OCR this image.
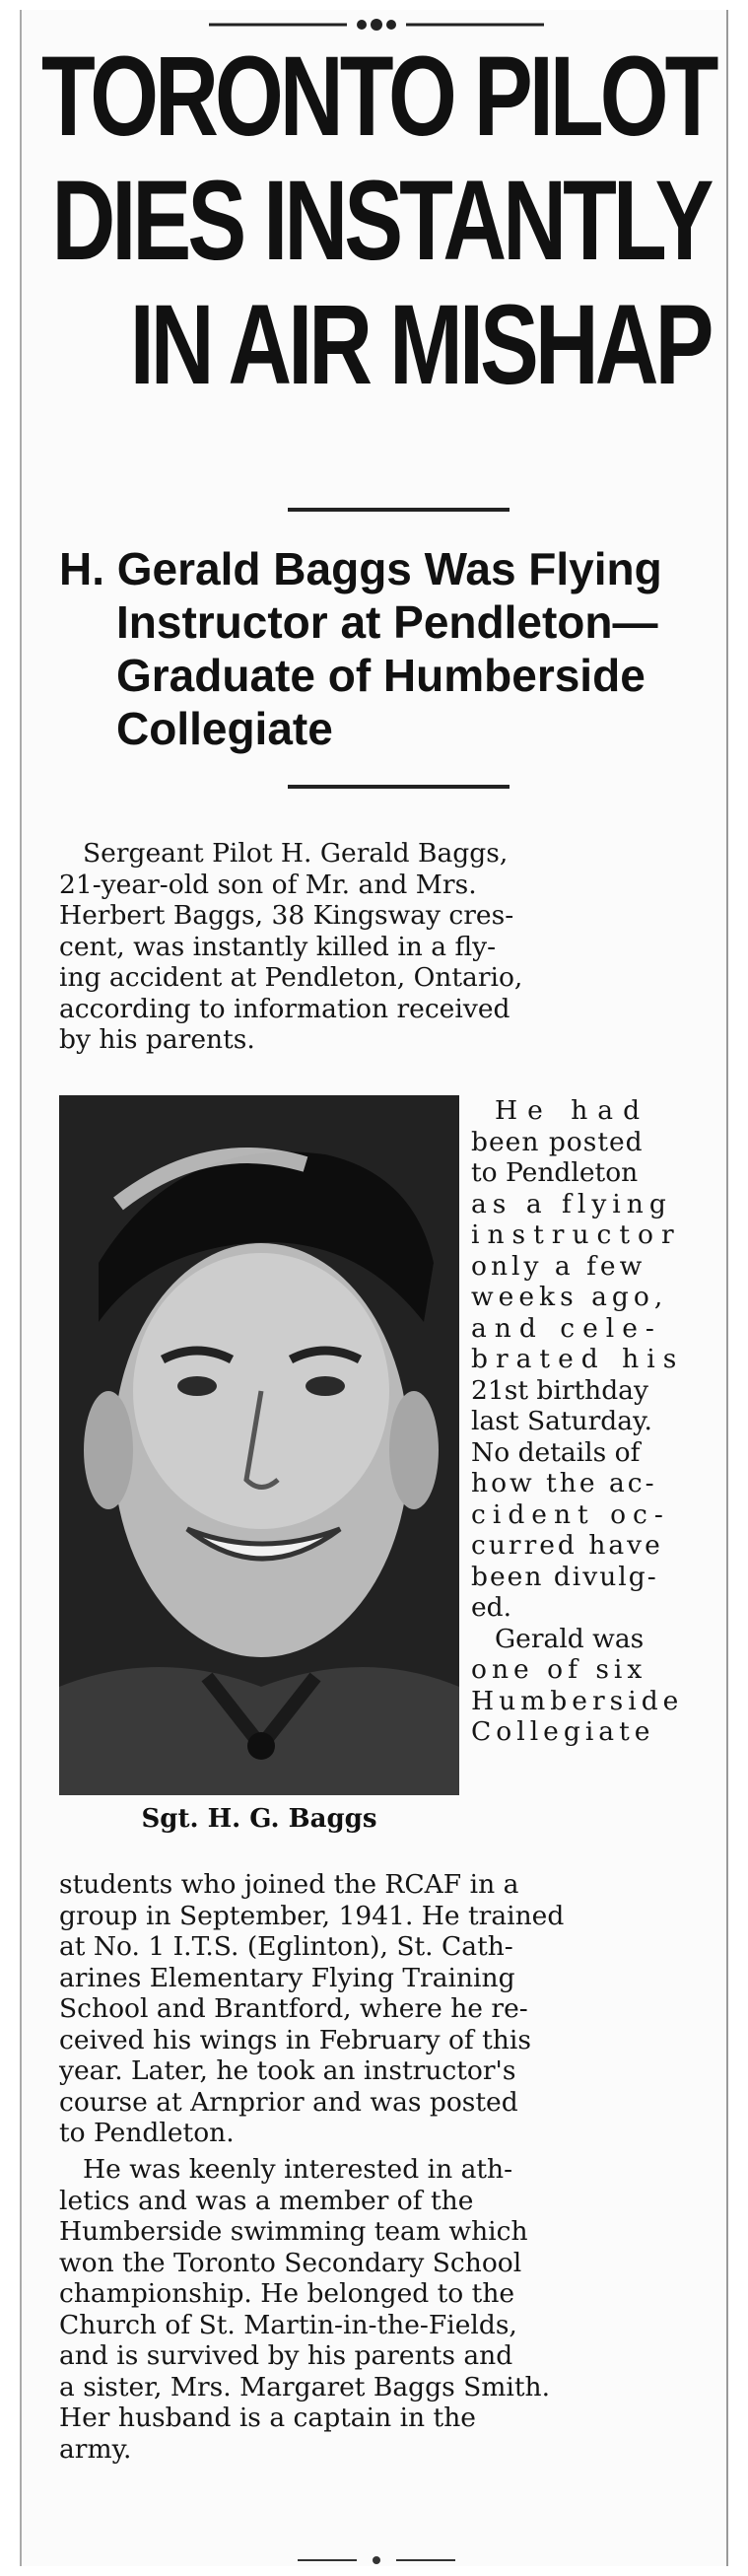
TORONTO PILOT
DIES INSTANTLY
IN AIR MISHAP
H. Gerald Baggs Was Flying
Instructor at Pendleton—
Graduate of Humberside
Collegiate
Sergeant Pilot H. Gerald Baggs,
21-year-old son of Mr. and Mrs.
Herbert Baggs, 38 Kingsway cres-
cent, was instantly killed in a fly-
ing accident at Pendleton, Ontario,
according to information received
by his parents.
Sgt. H. G. Baggs
He had
been posted
to Pendleton
as a flying
instructor
only a few
weeks ago,
and cele-
brated his
21st birthday
last Saturday.
No details of
how the ac-
cident oc-
curred have
been divulg-
ed.
Gerald was
one of six
Humberside
Collegiate
students who joined the RCAF in a
group in September, 1941. He trained
at No. 1 I.T.S. (Eglinton), St. Cath-
arines Elementary Flying Training
School and Brantford, where he re-
ceived his wings in February of this
year. Later, he took an instructor's
course at Arnprior and was posted
to Pendleton.
He was keenly interested in ath-
letics and was a member of the
Humberside swimming team which
won the Toronto Secondary School
championship. He belonged to the
Church of St. Martin-in-the-Fields,
and is survived by his parents and
a sister, Mrs. Margaret Baggs Smith.
Her husband is a captain in the
army.
